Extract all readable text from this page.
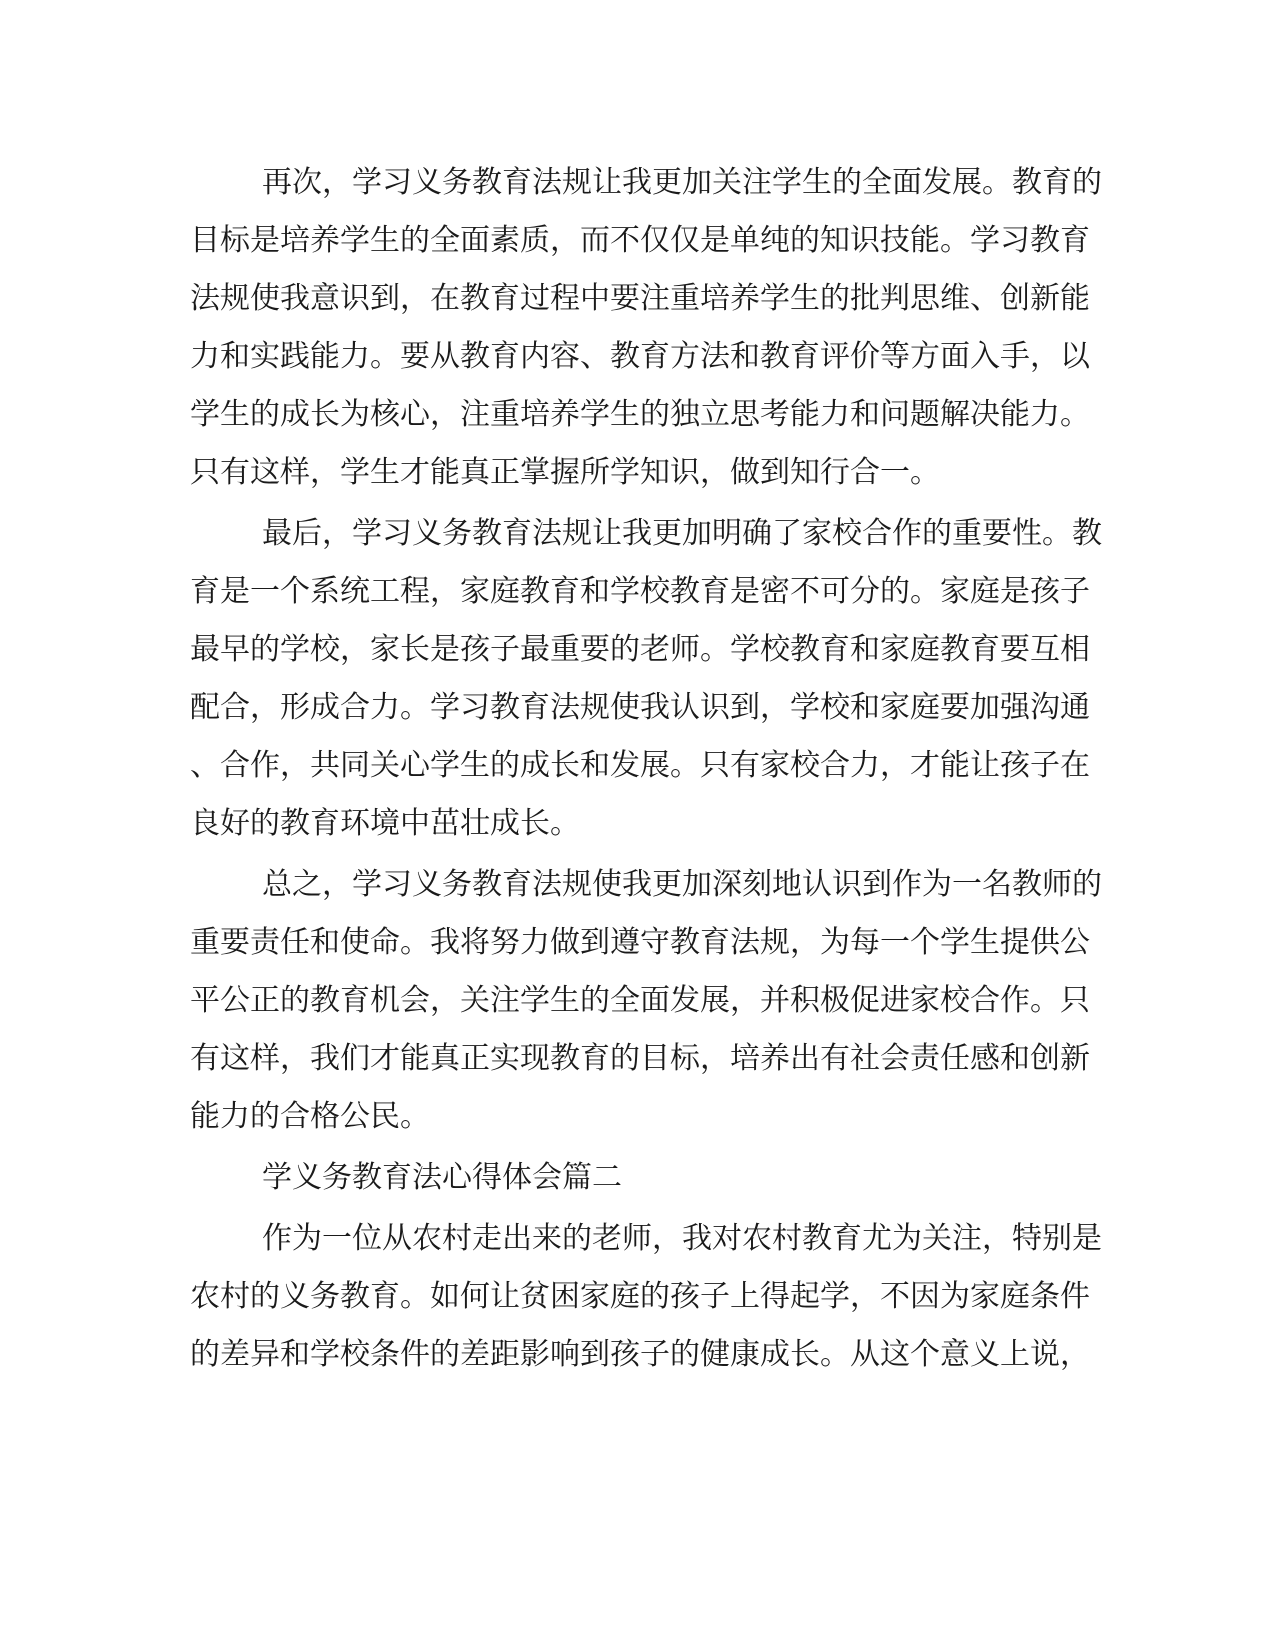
再次，学习义务教育法规让我更加关注学生的全面发展。教育的
目标是培养学生的全面素质，而不仅仅是单纯的知识技能。学习教育
法规使我意识到，在教育过程中要注重培养学生的批判思维、创新能
力和实践能力。要从教育内容、教育方法和教育评价等方面入手，以
学生的成长为核心，注重培养学生的独立思考能力和问题解决能力。
只有这样，学生才能真正掌握所学知识，做到知行合一。
最后，学习义务教育法规让我更加明确了家校合作的重要性。教
育是一个系统工程，家庭教育和学校教育是密不可分的。家庭是孩子
最早的学校，家长是孩子最重要的老师。学校教育和家庭教育要互相
配合，形成合力。学习教育法规使我认识到，学校和家庭要加强沟通
、合作，共同关心学生的成长和发展。只有家校合力，才能让孩子在
良好的教育环境中茁壮成长。
总之，学习义务教育法规使我更加深刻地认识到作为一名教师的
重要责任和使命。我将努力做到遵守教育法规，为每一个学生提供公
平公正的教育机会，关注学生的全面发展，并积极促进家校合作。只
有这样，我们才能真正实现教育的目标，培养出有社会责任感和创新
能力的合格公民。
学义务教育法心得体会篇二
作为一位从农村走出来的老师，我对农村教育尤为关注，特别是
农村的义务教育。如何让贫困家庭的孩子上得起学，不因为家庭条件
的差异和学校条件的差距影响到孩子的健康成长。从这个意义上说，
